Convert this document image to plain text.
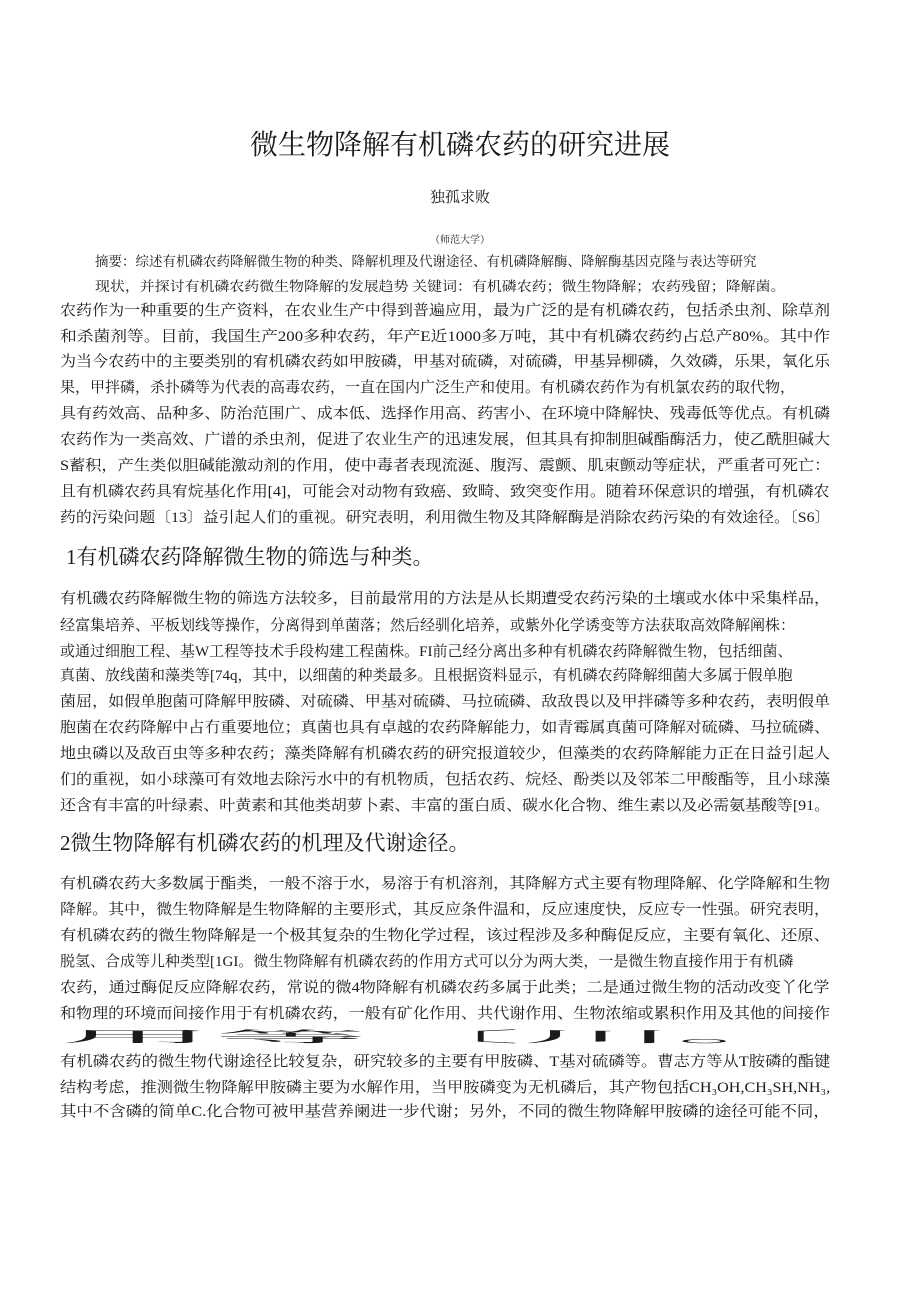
微生物降解有机磷农药的研究进展
独孤求败
（师范大学）
1有机磷农药降解微生物的筛选与种类。
2微生物降解有机磷农药的机理及代谢途径。
摘要：综述有机磷农药降解微生物的种类、降解机理及代谢途径、有机磷降解酶、降解酶基因克隆与表达等研究
现状，并探讨有机磷农药微生物降解的发展趋势 关键词：有机磷农药；微生物降解；农药残留；降解菌。
农药作为一种重要的生产资料，在农业生产中得到普遍应用，最为广泛的是有机磷农药，包括杀虫剂、除草剂
和杀菌剂等。目前，我国生产200多种农药，年产E近1000多万吨，其中有机磷农药约占总产80%。其中作
为当今农药中的主要类别的宥机磷农药如甲胺磷，甲基对硫磷，对硫磷，甲基异柳磷，久效磷，乐果，氧化乐
果，甲拌磷，杀扑磷等为代表的高毒农药，一直在国内广泛生产和使用。有机磷农药作为有机氯农药的取代物，
具有药效高、品种多、防治范围广、成本低、选择作用高、药害小、在环境中降解快、残毒低等优点。有机磷
农药作为一类高效、广谱的杀虫剂，促进了农业生产的迅速发展，但其具有抑制胆碱酯酶活力，使乙酰胆碱大
S蓄积，产生类似胆碱能激动剂的作用，使中毒者表现流涎、腹泻、震颤、肌束颤动等症状，严重者可死亡：
且有机磷农药具宥烷基化作用[4]，可能会对动物有致癌、致畸、致突变作用。随着环保意识的增强，有机磷农
药的污染问题〔13〕益引起人们的重视。研究表明，利用微生物及其降解酶是消除农药污染的有效途径。〔S6〕
有机磯农药降解微生物的筛选方法较多，目前最常用的方法是从长期遭受农药污染的土壤或水体中采集样品，
经富集培养、平板划线等操作，分离得到单菌落；然后经驯化培养，或紫外化学诱变等方法获取高效降解阐株：
或通过细胞工程、基W工程等技术手段构建工程菌株。FI前己经分离出多种有机磷农药降解微生物，包括细菌、
真菌、放线菌和藻类等[74q，其中，以细菌的种类最多。且根据资料显示，有机磷农药降解细菌大多属于假单胞
菌屈，如假单胞菌可降解甲胺磷、对硫磷、甲基对硫磷、马拉硫磷、敌敌畏以及甲拌磷等多种农药，表明假单
胞菌在农药降解中占冇重要地位；真菌也具有卓越的农药降解能力，如青霉属真菌可降解对硫磷、马拉硫磷、
地虫磷以及敌百虫等多种农药；藻类降解有机磷农药的研究报道较少，但藻类的农药降解能力正在日益引起人
们的重视，如小球藻可有效地去除污水中的有机物质，包括农药、烷烃、酚类以及邻苯二甲酸酯等，且小球藻
还含有丰富的叶绿素、叶黄素和其他类胡萝卜素、丰富的蛋白质、碳水化合物、维生素以及必需氨基酸等[91。
有机磷农药大多数属于酯类，一般不溶于水，易溶于有机溶剂，其降解方式主要有物理降解、化学降解和生物
降解。其中，微生物降解是生物降解的主要形式，其反应条件温和，反应速度快，反应专一性强。研究表明，
有机磷农药的微生物降解是一个极其复杂的生物化学过程，该过程涉及多种酶促反应，主要有氧化、还原、
脱氢、合成等儿种类型[1GI。微生物降解有机磷农药的作用方式可以分为两大类，一是微生物直接作用于有机磷
农药，通过酶促反应降解农药，常说的微4物降解有机磷农药多属于此类；二是通过微生物的活动改变丫化学
和物理的环境而间接作用于有机磷农药，一般有矿化作用、共代谢作用、生物浓缩或累积作用及其他的间接作
用等〔川。
有机磷农药的微生物代谢途径比较复杂，研究较多的主要有甲胺磷、T基对硫磷等。曹志方等从T胺磷的酯键
结构考虑，推测微生物降解甲胺磷主要为水解作用，当甲胺磷变为无机磷后，其产物包括CH₃OH,CH₃SH,NH₃,
其中不含磷的简单C.化合物可被甲基营养阑进一步代谢；另外，不同的微生物降解甲胺磷的途径可能不同，
